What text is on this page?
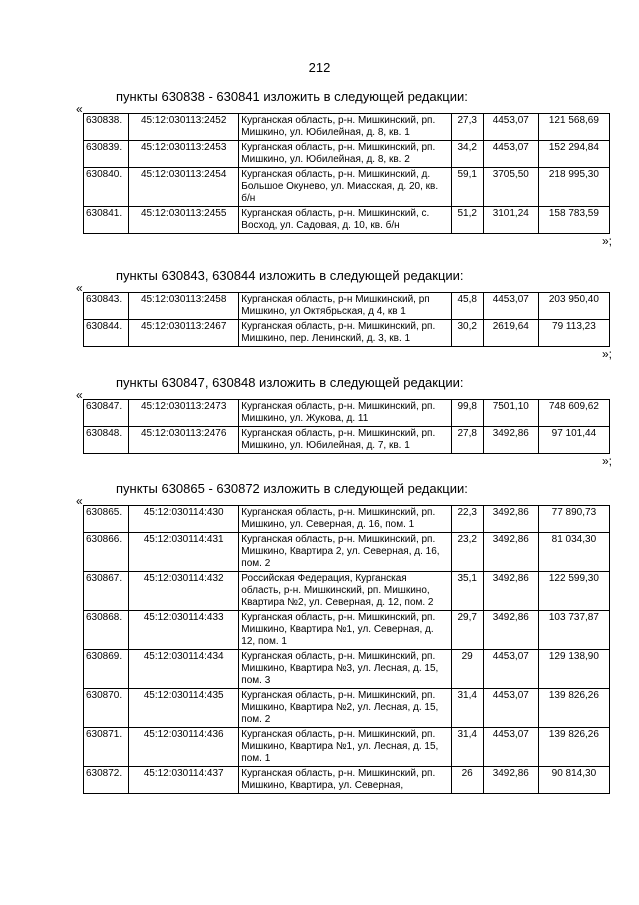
212
пункты 630838 - 630841 изложить в следующей редакции:
«
630838.	45:12:030113:2452	Курганская область, р-н. Мишкинский, рп. Мишкино, ул. Юбилейная, д. 8, кв. 1	27,3	4453,07	121 568,69
630839.	45:12:030113:2453	Курганская область, р-н. Мишкинский, рп. Мишкино, ул. Юбилейная, д. 8, кв. 2	34,2	4453,07	152 294,84
630840.	45:12:030113:2454	Курганская область, р-н. Мишкинский, д. Большое Окунево, ул. Миасская, д. 20, кв. б/н	59,1	3705,50	218 995,30
630841.	45:12:030113:2455	Курганская область, р-н. Мишкинский, с. Восход, ул. Садовая, д. 10, кв. б/н	51,2	3101,24	158 783,59
»;
пункты 630843, 630844 изложить в следующей редакции:
«
630843.	45:12:030113:2458	Курганская область, р-н Мишкинский, рп Мишкино, ул Октябрьская, д 4, кв 1	45,8	4453,07	203 950,40
630844.	45:12:030113:2467	Курганская область, р-н. Мишкинский, рп. Мишкино, пер. Ленинский, д. 3, кв. 1	30,2	2619,64	79 113,23
»;
пункты 630847, 630848 изложить в следующей редакции:
«
630847.	45:12:030113:2473	Курганская область, р-н. Мишкинский, рп. Мишкино, ул. Жукова, д. 11	99,8	7501,10	748 609,62
630848.	45:12:030113:2476	Курганская область, р-н. Мишкинский, рп. Мишкино, ул. Юбилейная, д. 7, кв. 1	27,8	3492,86	97 101,44
»;
пункты 630865 - 630872 изложить в следующей редакции:
«
630865.	45:12:030114:430	Курганская область, р-н. Мишкинский, рп. Мишкино, ул. Северная, д. 16, пом. 1	22,3	3492,86	77 890,73
630866.	45:12:030114:431	Курганская область, р-н. Мишкинский, рп. Мишкино, Квартира 2, ул. Северная, д. 16, пом. 2	23,2	3492,86	81 034,30
630867.	45:12:030114:432	Российская Федерация, Курганская область, р-н. Мишкинский, рп. Мишкино, Квартира №2, ул. Северная, д. 12, пом. 2	35,1	3492,86	122 599,30
630868.	45:12:030114:433	Курганская область, р-н. Мишкинский, рп. Мишкино, Квартира №1, ул. Северная, д. 12, пом. 1	29,7	3492,86	103 737,87
630869.	45:12:030114:434	Курганская область, р-н. Мишкинский, рп. Мишкино, Квартира №3, ул. Лесная, д. 15, пом. 3	29	4453,07	129 138,90
630870.	45:12:030114:435	Курганская область, р-н. Мишкинский, рп. Мишкино, Квартира №2, ул. Лесная, д. 15, пом. 2	31,4	4453,07	139 826,26
630871.	45:12:030114:436	Курганская область, р-н. Мишкинский, рп. Мишкино, Квартира №1, ул. Лесная, д. 15, пом. 1	31,4	4453,07	139 826,26
630872.	45:12:030114:437	Курганская область, р-н. Мишкинский, рп. Мишкино, Квартира, ул. Северная,	26	3492,86	90 814,30
